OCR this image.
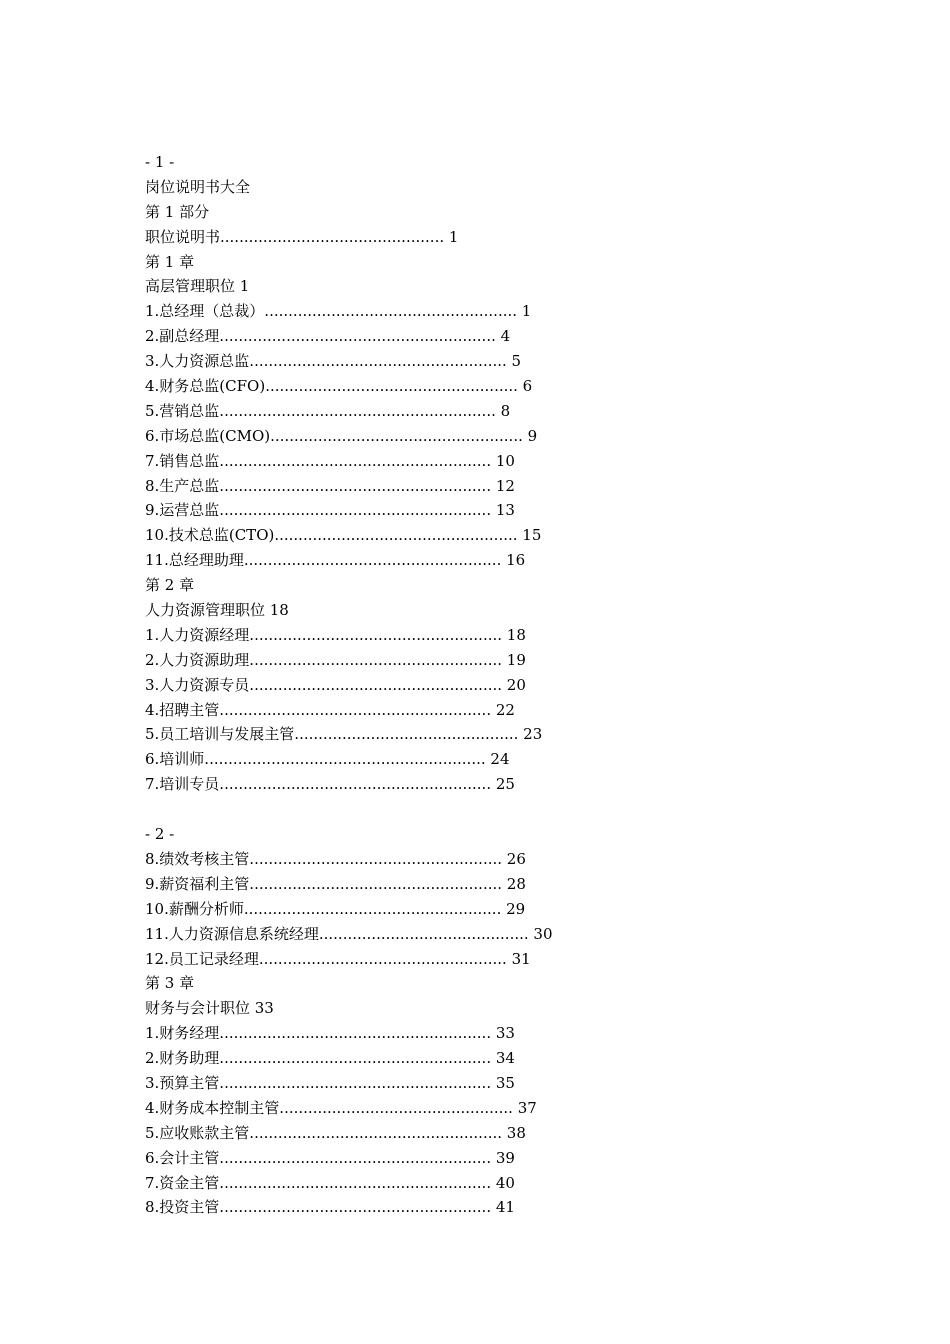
- 1 -
岗位说明书大全
第 1 部分
职位说明书............................................... 1
第 1 章
高层管理职位 1
1.总经理（总裁）..................................................... 1
2.副总经理.......................................................... 4
3.人力资源总监...................................................... 5
4.财务总监(CFO)..................................................... 6
5.营销总监.......................................................... 8
6.市场总监(CMO)..................................................... 9
7.销售总监......................................................... 10
8.生产总监......................................................... 12
9.运营总监......................................................... 13
10.技术总监(CTO)................................................... 15
11.总经理助理...................................................... 16
第 2 章
人力资源管理职位 18
1.人力资源经理..................................................... 18
2.人力资源助理..................................................... 19
3.人力资源专员..................................................... 20
4.招聘主管......................................................... 22
5.员工培训与发展主管............................................... 23
6.培训师........................................................... 24
7.培训专员......................................................... 25
- 2 -
8.绩效考核主管..................................................... 26
9.薪资福利主管..................................................... 28
10.薪酬分析师...................................................... 29
11.人力资源信息系统经理............................................ 30
12.员工记录经理.................................................... 31
第 3 章
财务与会计职位 33
1.财务经理......................................................... 33
2.财务助理......................................................... 34
3.预算主管......................................................... 35
4.财务成本控制主管................................................. 37
5.应收账款主管..................................................... 38
6.会计主管......................................................... 39
7.资金主管......................................................... 40
8.投资主管......................................................... 41
